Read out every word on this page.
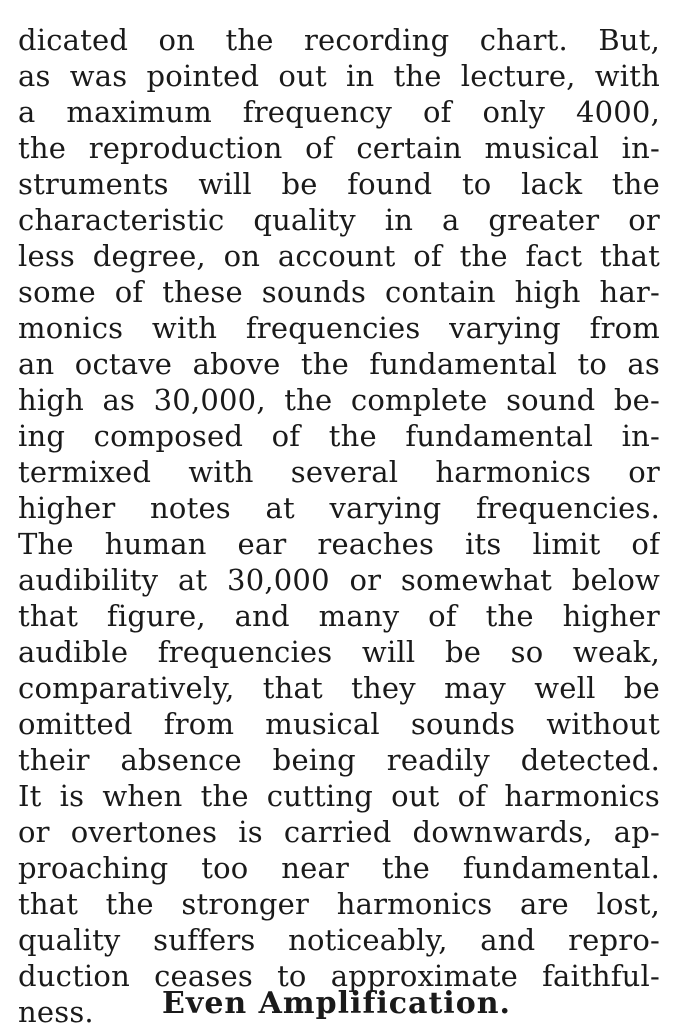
dicated on the recording chart. But,
as was pointed out in the lecture, with
a maximum frequency of only 4000,
the reproduction of certain musical in-
struments will be found to lack the
characteristic quality in a greater or
less degree, on account of the fact that
some of these sounds contain high har-
monics with frequencies varying from
an octave above the fundamental to as
high as 30,000, the complete sound be-
ing composed of the fundamental in-
termixed with several harmonics or
higher notes at varying frequencies.
The human ear reaches its limit of
audibility at 30,000 or somewhat below
that figure, and many of the higher
audible frequencies will be so weak,
comparatively, that they may well be
omitted from musical sounds without
their absence being readily detected.
It is when the cutting out of harmonics
or overtones is carried downwards, ap-
proaching too near the fundamental.
that the stronger harmonics are lost,
quality suffers noticeably, and repro-
duction ceases to approximate faithful-
ness.	Even Amplification.
